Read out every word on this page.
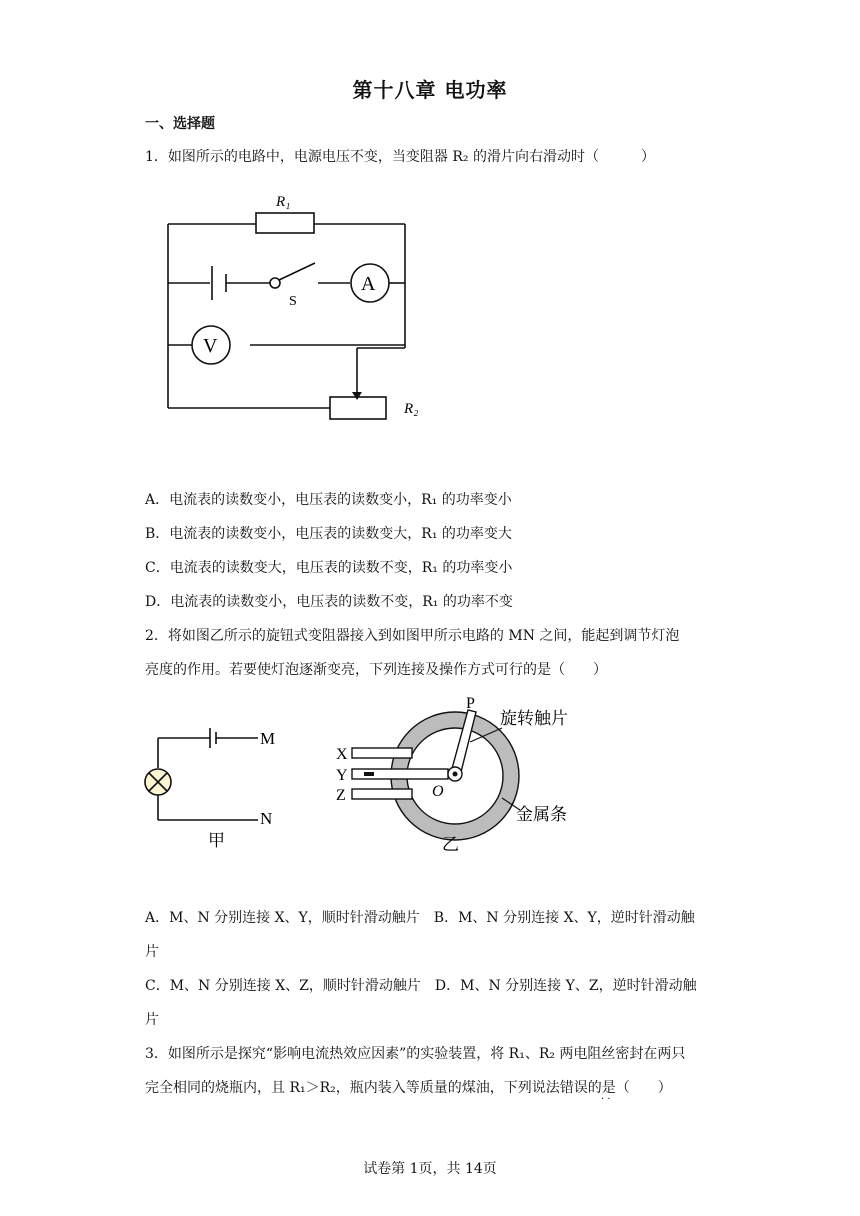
第十八章 电功率
一、选择题
1．如图所示的电路中，电源电压不变，当变阻器 R₂ 的滑片向右滑动时（　　　）
R₁
S
A
V
R₂
A．电流表的读数变小，电压表的读数变小，R₁ 的功率变小
B．电流表的读数变小，电压表的读数变大，R₁ 的功率变大
C．电流表的读数变大，电压表的读数不变，R₁ 的功率变小
D．电流表的读数变小，电压表的读数不变，R₁ 的功率不变
2．将如图乙所示的旋钮式变阻器接入到如图甲所示电路的 MN 之间，能起到调节灯泡
亮度的作用。若要使灯泡逐渐变亮，下列连接及操作方式可行的是（　　）
M
N
甲
P
X
Y
Z	O
旋转触片
金属条
乙
A．M、N 分别连接 X、Y，顺时针滑动触片　B．M、N 分别连接 X、Y，逆时针滑动触
片
C．M、N 分别连接 X、Z，顺时针滑动触片　D．M、N 分别连接 Y、Z，逆时针滑动触
片
3．如图所示是探究“影响电流热效应因素”的实验装置，将 R₁、R₂ 两电阻丝密封在两只
完全相同的烧瓶内，且 R₁＞R₂，瓶内装入等质量的煤油，下列说法错误的是（　　）
· ·
试卷第 1页，共 14页
